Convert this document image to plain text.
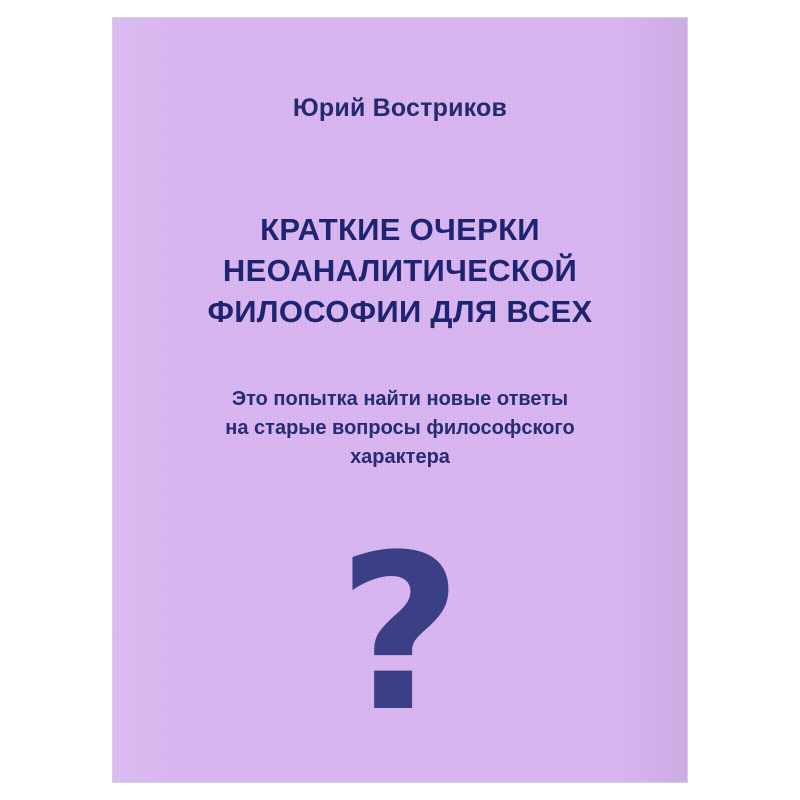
Юрий Востриков
КРАТКИЕ ОЧЕРКИ
НЕОАНАЛИТИЧЕСКОЙ
ФИЛОСОФИИ ДЛЯ ВСЕХ
Это попытка найти новые ответы
на старые вопросы философского
характера
?
